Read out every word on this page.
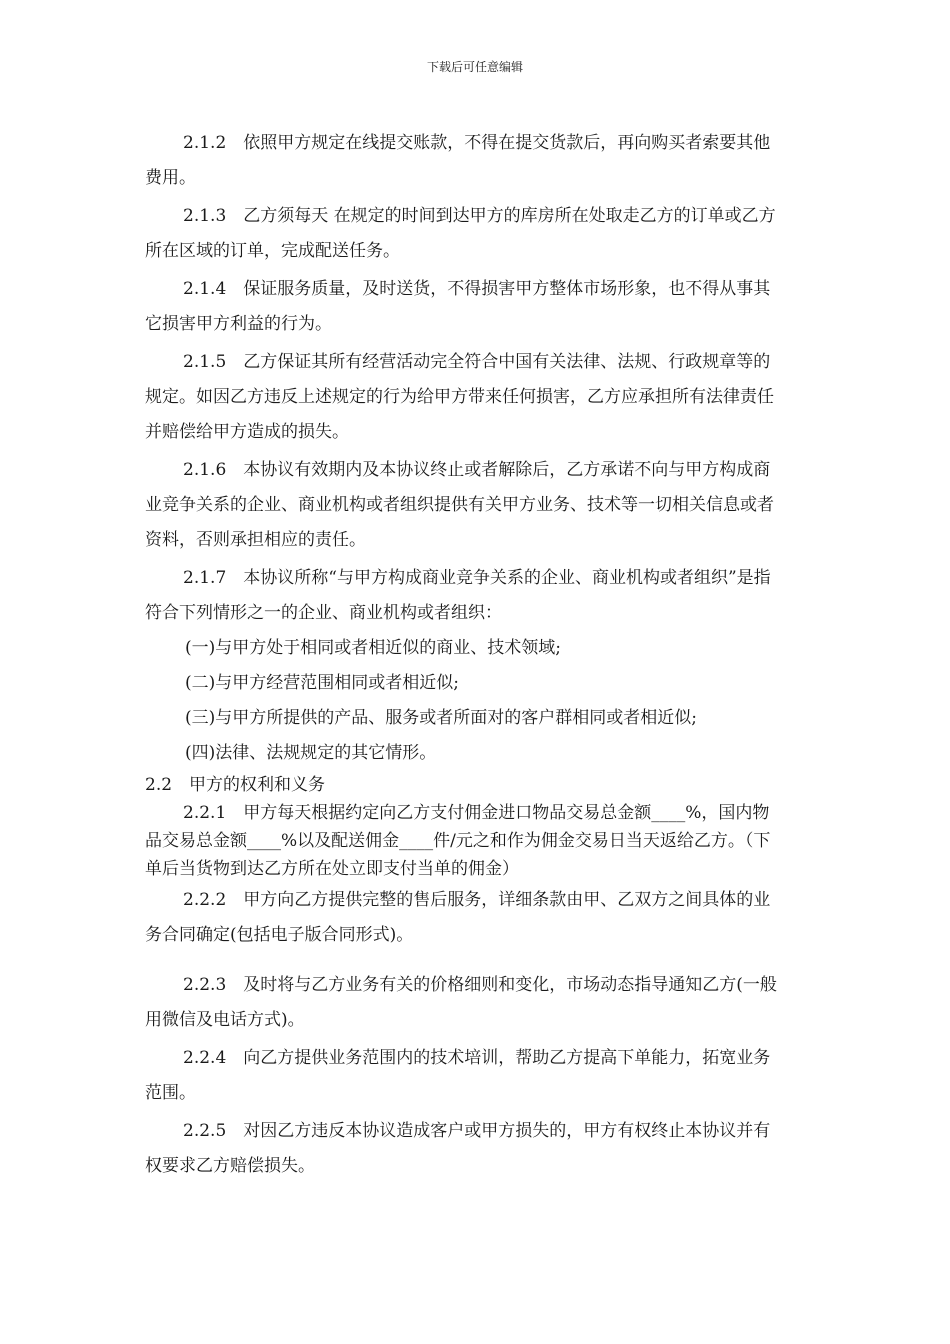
下载后可任意编辑

2.1.2　依照甲方规定在线提交账款，不得在提交货款后，再向购买者索要其他费用。

2.1.3　乙方须每天 在规定的时间到达甲方的库房所在处取走乙方的订单或乙方所在区域的订单，完成配送任务。

2.1.4　保证服务质量，及时送货，不得损害甲方整体市场形象，也不得从事其它损害甲方利益的行为。

2.1.5　乙方保证其所有经营活动完全符合中国有关法律、法规、行政规章等的规定。如因乙方违反上述规定的行为给甲方带来任何损害，乙方应承担所有法律责任并赔偿给甲方造成的损失。

2.1.6　本协议有效期内及本协议终止或者解除后，乙方承诺不向与甲方构成商业竞争关系的企业、商业机构或者组织提供有关甲方业务、技术等一切相关信息或者资料，否则承担相应的责任。

2.1.7　本协议所称“与甲方构成商业竞争关系的企业、商业机构或者组织”是指符合下列情形之一的企业、商业机构或者组织：

(一)与甲方处于相同或者相近似的商业、技术领域;

(二)与甲方经营范围相同或者相近似;

(三)与甲方所提供的产品、服务或者所面对的客户群相同或者相近似;

(四)法律、法规规定的其它情形。

2.2　甲方的权利和义务

2.2.1　甲方每天根据约定向乙方支付佣金进口物品交易总金额____%，国内物品交易总金额____%以及配送佣金____件/元之和作为佣金交易日当天返给乙方。（下单后当货物到达乙方所在处立即支付当单的佣金）

2.2.2　甲方向乙方提供完整的售后服务，详细条款由甲、乙双方之间具体的业务合同确定(包括电子版合同形式)。

2.2.3　及时将与乙方业务有关的价格细则和变化，市场动态指导通知乙方(一般用微信及电话方式)。

2.2.4　向乙方提供业务范围内的技术培训，帮助乙方提高下单能力，拓宽业务范围。

2.2.5　对因乙方违反本协议造成客户或甲方损失的，甲方有权终止本协议并有权要求乙方赔偿损失。
